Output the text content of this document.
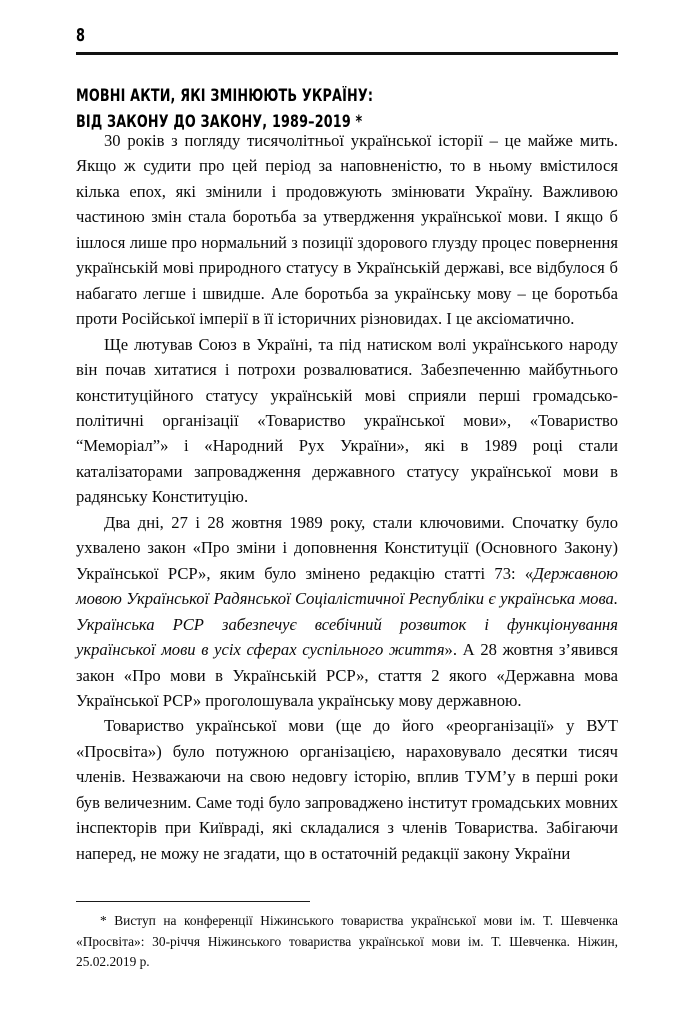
8
МОВНІ АКТИ, ЯКІ ЗМІНЮЮТЬ УКРАЇНУ:
ВІД ЗАКОНУ ДО ЗАКОНУ, 1989–2019 *

30 років з погляду тисячолітньої української історії – це майже мить. Якщо ж судити про цей період за наповненістю, то в ньому вмістилося кілька епох, які змінили і продовжують змінювати Україну. Важливою частиною змін стала боротьба за утвердження української мови. І якщо б ішлося лише про нормальний з позиції здорового глузду процес повернення українській мові природного статусу в Українській державі, все відбулося б набагато легше і швидше. Але боротьба за українську мову – це боротьба проти Російської імперії в її історичних різновидах. І це аксіоматично.

Ще лютував Союз в Україні, та під натиском волі українського народу він почав хитатися і потрохи розвалюватися. Забезпеченню майбутнього конституційного статусу українській мові сприяли перші громадсько-політичні організації «Товариство української мови», «Товариство “Меморіал”» і «Народний Рух України», які в 1989 році стали каталізаторами запровадження державного статусу української мови в радянську Конституцію.

Два дні, 27 і 28 жовтня 1989 року, стали ключовими. Спочатку було ухвалено закон «Про зміни і доповнення Конституції (Основного Закону) Української РСР», яким було змінено редакцію статті 73: «Державною мовою Української Радянської Соціалістичної Республіки є українська мова. Українська РСР забезпечує всебічний розвиток і функціонування української мови в усіх сферах суспільного життя». А 28 жовтня з’явився закон «Про мови в Українській РСР», стаття 2 якого «Державна мова Української РСР» проголошувала українську мову державною.

Товариство української мови (ще до його «реорганізації» у ВУТ «Просвіта») було потужною організацією, нараховувало десятки тисяч членів. Незважаючи на свою недовгу історію, вплив ТУМ’у в перші роки був величезним. Саме тоді було запроваджено інститут громадських мовних інспекторів при Київраді, які складалися з членів Товариства. Забігаючи наперед, не можу не згадати, що в остаточній редакції закону України

* Виступ на конференції Ніжинського товариства української мови ім. Т. Шевченка «Просвіта»: 30-річчя Ніжинського товариства української мови ім. Т. Шевченка. Ніжин, 25.02.2019 р.
